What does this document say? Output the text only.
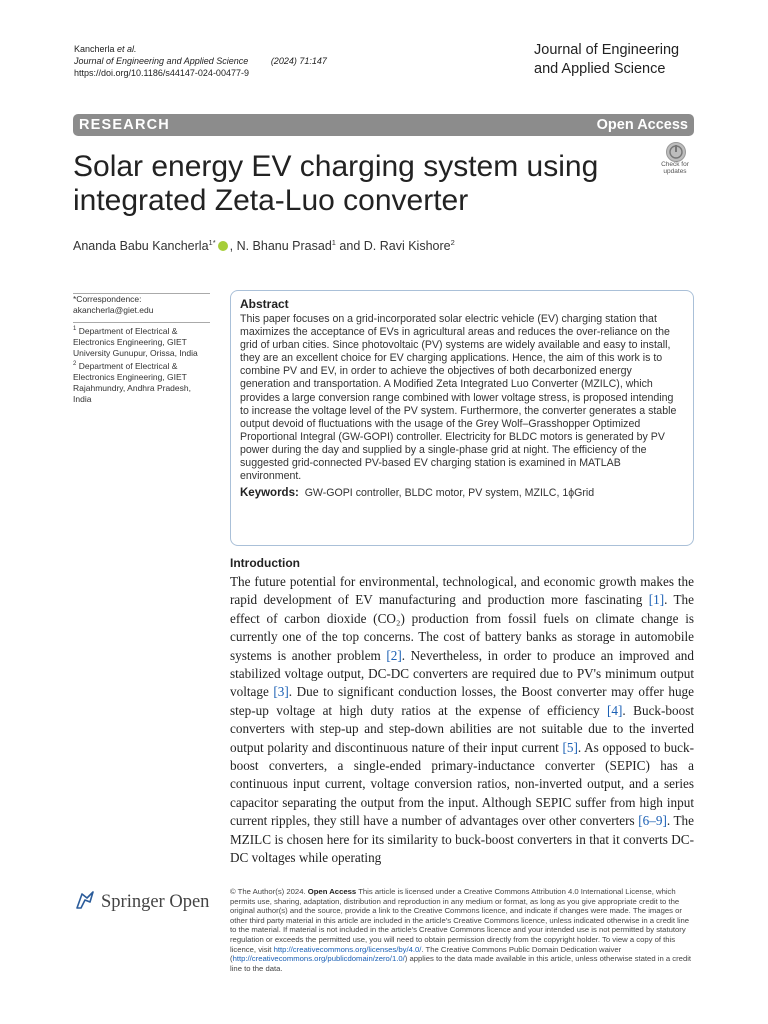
Kancherla et al.
Journal of Engineering and Applied Science	(2024) 71:147
https://doi.org/10.1186/s44147-024-00477-9
Journal of Engineering
and Applied Science
RESEARCH	Open Access
Solar energy EV charging system using integrated Zeta-Luo converter
Check for
updates
Ananda Babu Kancherla$^{1*}$ , N. Bhanu Prasad$^1$ and D. Ravi Kishore$^2$
*Correspondence:
akancherla@giet.edu
$^1$ Department of Electrical & Electronics Engineering, GIET University Gunupur, Orissa, India
$^2$ Department of Electrical & Electronics Engineering, GIET Rajahmundry, Andhra Pradesh, India
Abstract
This paper focuses on a grid-incorporated solar electric vehicle (EV) charging station that maximizes the acceptance of EVs in agricultural areas and reduces the over-reliance on the grid of urban cities. Since photovoltaic (PV) systems are widely available and easy to install, they are an excellent choice for EV charging applications. Hence, the aim of this work is to combine PV and EV, in order to achieve the objectives of both decarbonized energy generation and transportation. A Modified Zeta Integrated Luo Converter (MZILC), which provides a large conversion range combined with lower voltage stress, is proposed intending to increase the voltage level of the PV system. Furthermore, the converter generates a stable output devoid of fluctuations with the usage of the Grey Wolf–Grasshopper Optimized Proportional Integral (GW-GOPI) controller. Electricity for BLDC motors is generated by PV power during the day and supplied by a single-phase grid at night. The efficiency of the suggested grid-connected PV-based EV charging station is examined in MATLAB environment.
Keywords: GW-GOPI controller, BLDC motor, PV system, MZILC, 1ϕGrid
Introduction
The future potential for environmental, technological, and economic growth makes the rapid development of EV manufacturing and production more fascinating [1]. The effect of carbon dioxide (CO₂) production from fossil fuels on climate change is currently one of the top concerns. The cost of battery banks as storage in automobile systems is another problem [2]. Nevertheless, in order to produce an improved and stabilized voltage output, DC-DC converters are required due to PV's minimum output voltage [3]. Due to significant conduction losses, the Boost converter may offer huge step-up voltage at high duty ratios at the expense of efficiency [4]. Buck-boost converters with step-up and step-down abilities are not suitable due to the inverted output polarity and discontinuous nature of their input current [5]. As opposed to buck-boost converters, a single-ended primary-inductance converter (SEPIC) has a continuous input current, voltage conversion ratios, non-inverted output, and a series capacitor separating the output from the input. Although SEPIC suffer from high input current ripples, they still have a number of advantages over other converters [6–9]. The MZILC is chosen here for its similarity to buck-boost converters in that it converts DC-DC voltages while operating
Springer Open	© The Author(s) 2024. Open Access This article is licensed under a Creative Commons Attribution 4.0 International License, which permits use, sharing, adaptation, distribution and reproduction in any medium or format, as long as you give appropriate credit to the original author(s) and the source, provide a link to the Creative Commons licence, and indicate if changes were made. The images or other third party material in this article are included in the article's Creative Commons licence, unless indicated otherwise in a credit line to the material. If material is not included in the article's Creative Commons licence and your intended use is not permitted by statutory regulation or exceeds the permitted use, you will need to obtain permission directly from the copyright holder. To view a copy of this licence, visit http://creativecommons.org/licenses/by/4.0/. The Creative Commons Public Domain Dedication waiver (http://creativecommons.org/publicdomain/zero/1.0/) applies to the data made available in this article, unless otherwise stated in a credit line to the data.
